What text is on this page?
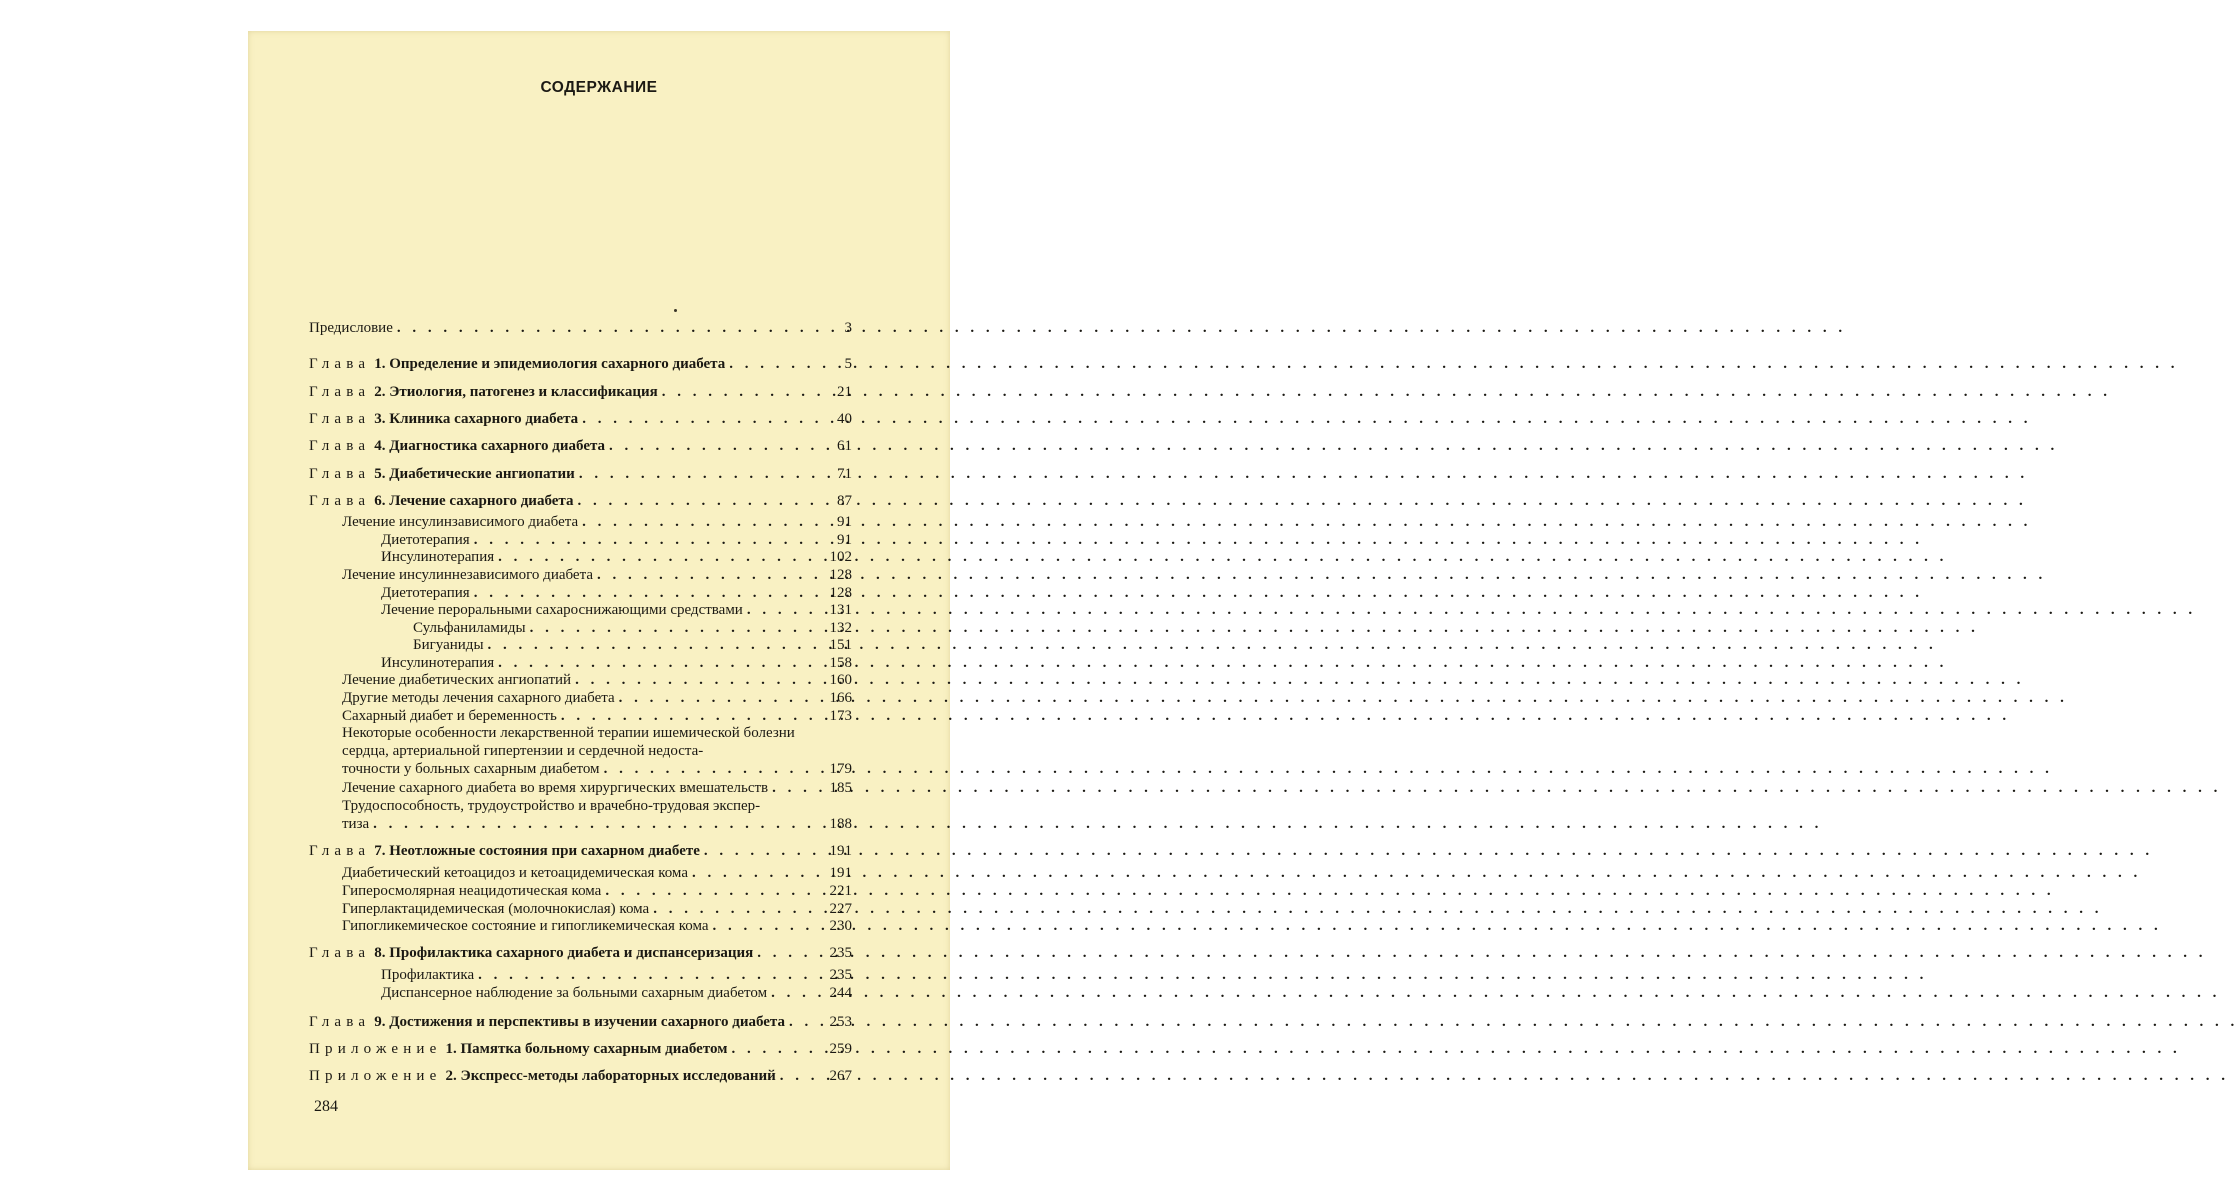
СОДЕРЖАНИЕ
Предисловие . . .	3
Глава 1. Определение и эпидемиология сахарного диабета . . .	5
Глава 2. Этиология, патогенез и классификация . . .	21
Глава 3. Клиника сахарного диабета . . .	40
Глава 4. Диагностика сахарного диабета . . .	61
Глава 5. Диабетические ангиопатии . . .	71
Глава 6. Лечение сахарного диабета . . .	87
Лечение инсулинзависимого диабета . . .	91
Диетотерапия . . .	91
Инсулинотерапия . . .	102
Лечение инсулиннезависимого диабета . . .	128
Диетотерапия . . .	128
Лечение пероральными сахароснижающими средствами . . .	131
Сульфаниламиды . . .	132
Бигуаниды . . .	151
Инсулинотерапия . . .	158
Лечение диабетических ангиопатий . . .	160
Другие методы лечения сахарного диабета . . .	166
Сахарный диабет и беременность . . .	173
Некоторые особенности лекарственной терапии ишемической болезни сердца, артериальной гипертензии и сердечной недоста-
точности у больных сахарным диабетом . . .	179
Лечение сахарного диабета во время хирургических вмешательств . . .	185
Трудоспособность, трудоустройство и врачебно-трудовая экспер-
тиза . . .	188
Глава 7. Неотложные состояния при сахарном диабете . . .	191
Диабетический кетоацидоз и кетоацидемическая кома . . .	191
Гиперосмолярная неацидотическая кома . . .	221
Гиперлактацидемическая (молочнокислая) кома . . .	227
Гипогликемическое состояние и гипогликемическая кома . . .	230
Глава 8. Профилактика сахарного диабета и диспансеризация . . .	235
Профилактика . . .	235
Диспансерное наблюдение за больными сахарным диабетом . . .	244
Глава 9. Достижения и перспективы в изучении сахарного диабета . . .	253
Приложение 1. Памятка больному сахарным диабетом . . .	259
Приложение 2. Экспресс-методы лабораторных исследований . . .	267
284
